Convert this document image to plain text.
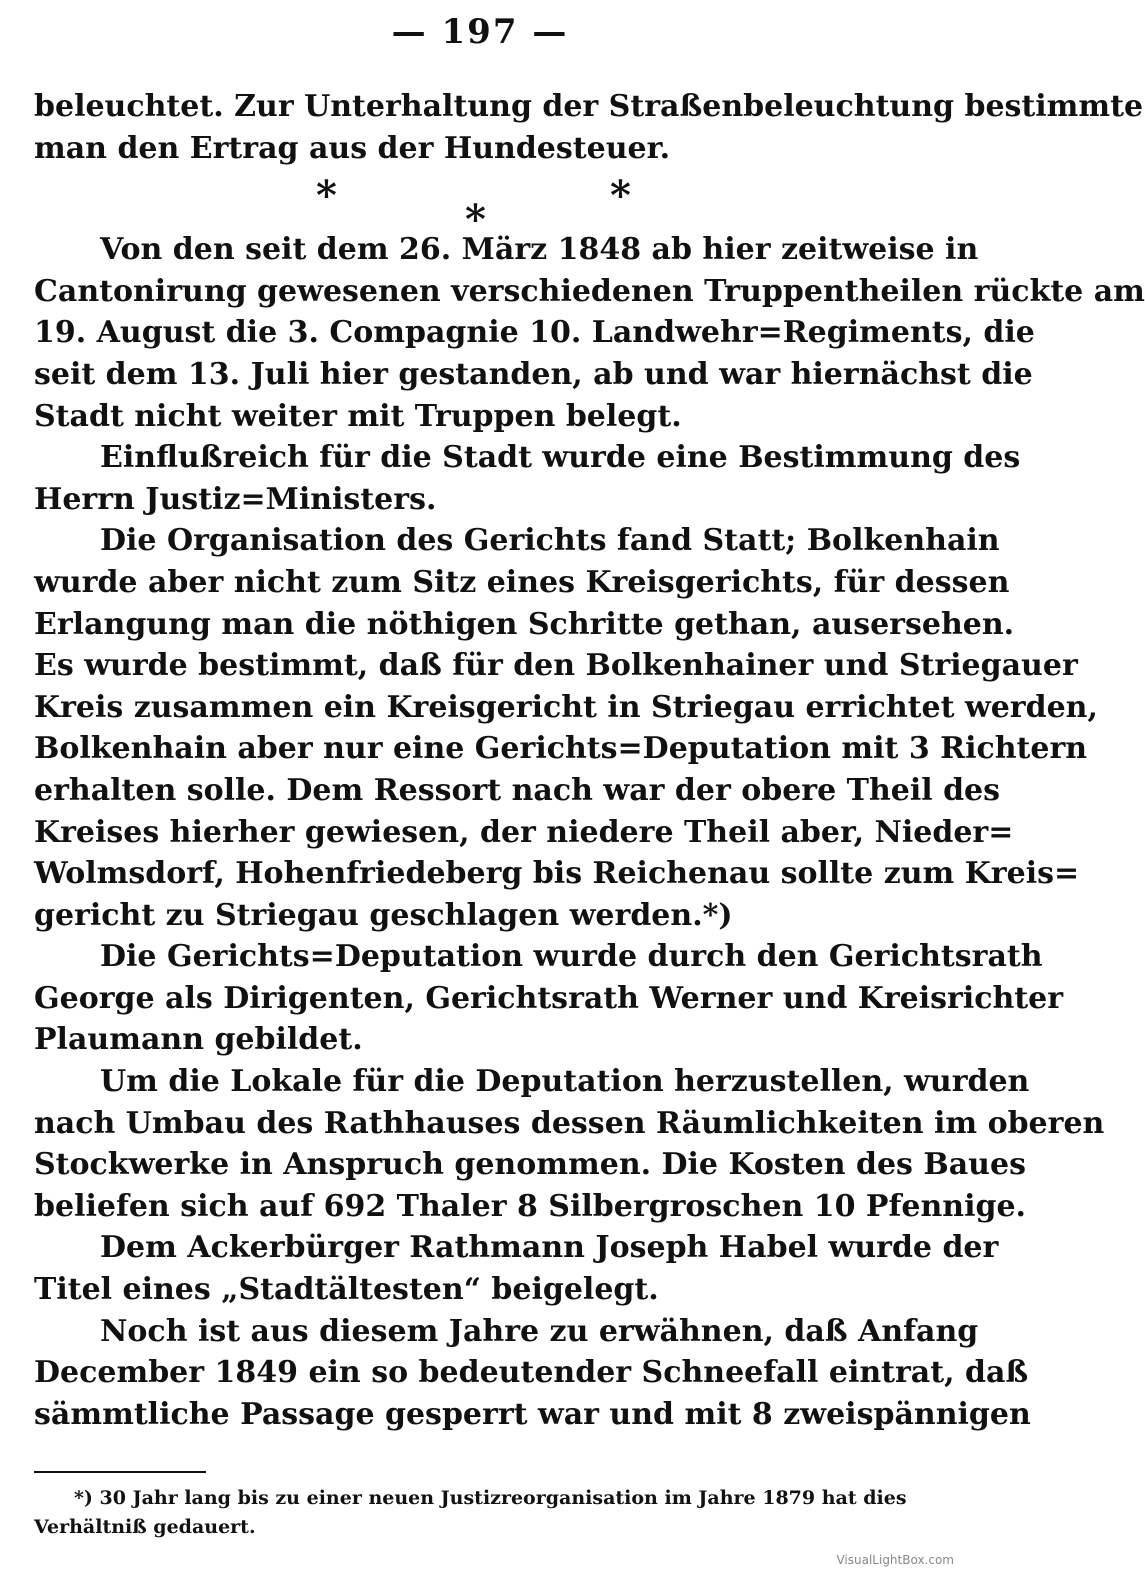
— 197 —
*
*
*
beleuchtet. Zur Unterhaltung der Straßenbeleuchtung bestimmte
man den Ertrag aus der Hundesteuer.
Von den seit dem 26. März 1848 ab hier zeitweise in
Cantonirung gewesenen verschiedenen Truppentheilen rückte am
19. August die 3. Compagnie 10. Landwehr=Regiments, die
seit dem 13. Juli hier gestanden, ab und war hiernächst die
Stadt nicht weiter mit Truppen belegt.
Einflußreich für die Stadt wurde eine Bestimmung des
Herrn Justiz=Ministers.
Die Organisation des Gerichts fand Statt; Bolkenhain
wurde aber nicht zum Sitz eines Kreisgerichts, für dessen
Erlangung man die nöthigen Schritte gethan, ausersehen.
Es wurde bestimmt, daß für den Bolkenhainer und Striegauer
Kreis zusammen ein Kreisgericht in Striegau errichtet werden,
Bolkenhain aber nur eine Gerichts=Deputation mit 3 Richtern
erhalten solle. Dem Ressort nach war der obere Theil des
Kreises hierher gewiesen, der niedere Theil aber, Nieder=
Wolmsdorf, Hohenfriedeberg bis Reichenau sollte zum Kreis=
gericht zu Striegau geschlagen werden.*)
Die Gerichts=Deputation wurde durch den Gerichtsrath
George als Dirigenten, Gerichtsrath Werner und Kreisrichter
Plaumann gebildet.
Um die Lokale für die Deputation herzustellen, wurden
nach Umbau des Rathhauses dessen Räumlichkeiten im oberen
Stockwerke in Anspruch genommen. Die Kosten des Baues
beliefen sich auf 692 Thaler 8 Silbergroschen 10 Pfennige.
Dem Ackerbürger Rathmann Joseph Habel wurde der
Titel eines „Stadtältesten“ beigelegt.
Noch ist aus diesem Jahre zu erwähnen, daß Anfang
December 1849 ein so bedeutender Schneefall eintrat, daß
sämmtliche Passage gesperrt war und mit 8 zweispännigen
*) 30 Jahr lang bis zu einer neuen Justizreorganisation im Jahre 1879 hat dies
Verhältniß gedauert.
VisualLightBox.com
